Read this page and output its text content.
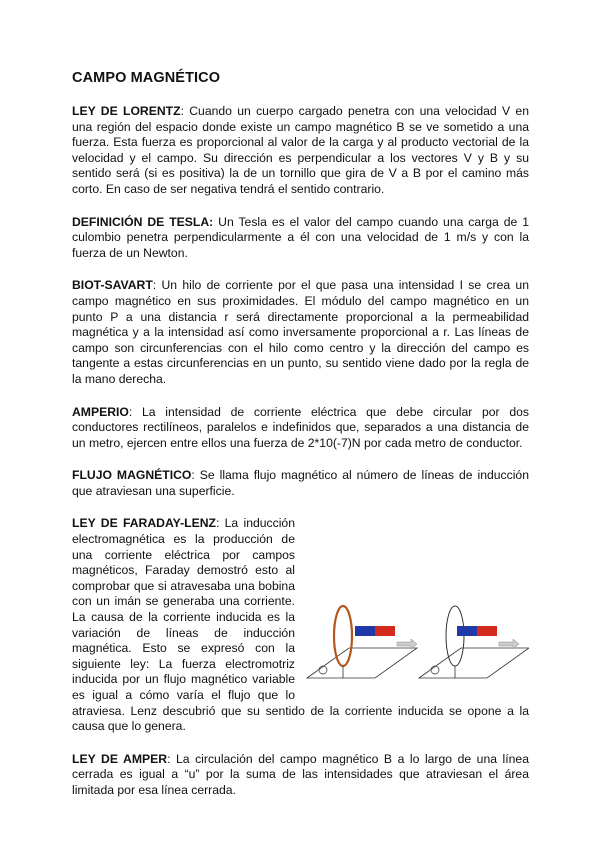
CAMPO MAGNÉTICO

LEY DE LORENTZ: Cuando un cuerpo cargado penetra con una velocidad V en una región del espacio donde existe un campo magnético B se ve sometido a una fuerza. Esta fuerza es proporcional al valor de la carga y al producto vectorial de la velocidad y el campo. Su dirección es perpendicular a los vectores V y B y su sentido será (si es positiva) la de un tornillo que gira de V a B por el camino más corto. En caso de ser negativa tendrá el sentido contrario.

DEFINICIÓN DE TESLA: Un Tesla es el valor del campo cuando una carga de 1 culombio penetra perpendicularmente a él con una velocidad de 1 m/s y con la fuerza de un Newton.

BIOT-SAVART: Un hilo de corriente por el que pasa una intensidad I se crea un campo magnético en sus proximidades. El módulo del campo magnético en un punto P a una distancia r será directamente proporcional a la permeabilidad magnética y a la intensidad así como inversamente proporcional a r. Las líneas de campo son circunferencias con el hilo como centro y la dirección del campo es tangente a estas circunferencias en un punto, su sentido viene dado por la regla de la mano derecha.

AMPERIO: La intensidad de corriente eléctrica que debe circular por dos conductores rectilíneos, paralelos e indefinidos que, separados a una distancia de un metro, ejercen entre ellos una fuerza de 2*10(-7)N por cada metro de conductor.

FLUJO MAGNÉTICO: Se llama flujo magnético al número de líneas de inducción que atraviesan una superficie.

LEY DE FARADAY-LENZ: La inducción electromagnética es la producción de una corriente eléctrica por campos magnéticos, Faraday demostró esto al comprobar que si atravesaba una bobina con un imán se generaba una corriente. La causa de la corriente inducida es la variación de líneas de inducción magnética. Esto se expresó con la siguiente ley: La fuerza electromotriz inducida por un flujo magnético variable es igual a cómo varía el flujo que lo atraviesa. Lenz descubrió que su sentido de la corriente inducida se opone a la causa que lo genera.

LEY DE AMPER: La circulación del campo magnético B a lo largo de una línea cerrada es igual a “u” por la suma de las intensidades que atraviesan el área limitada por esa línea cerrada.
